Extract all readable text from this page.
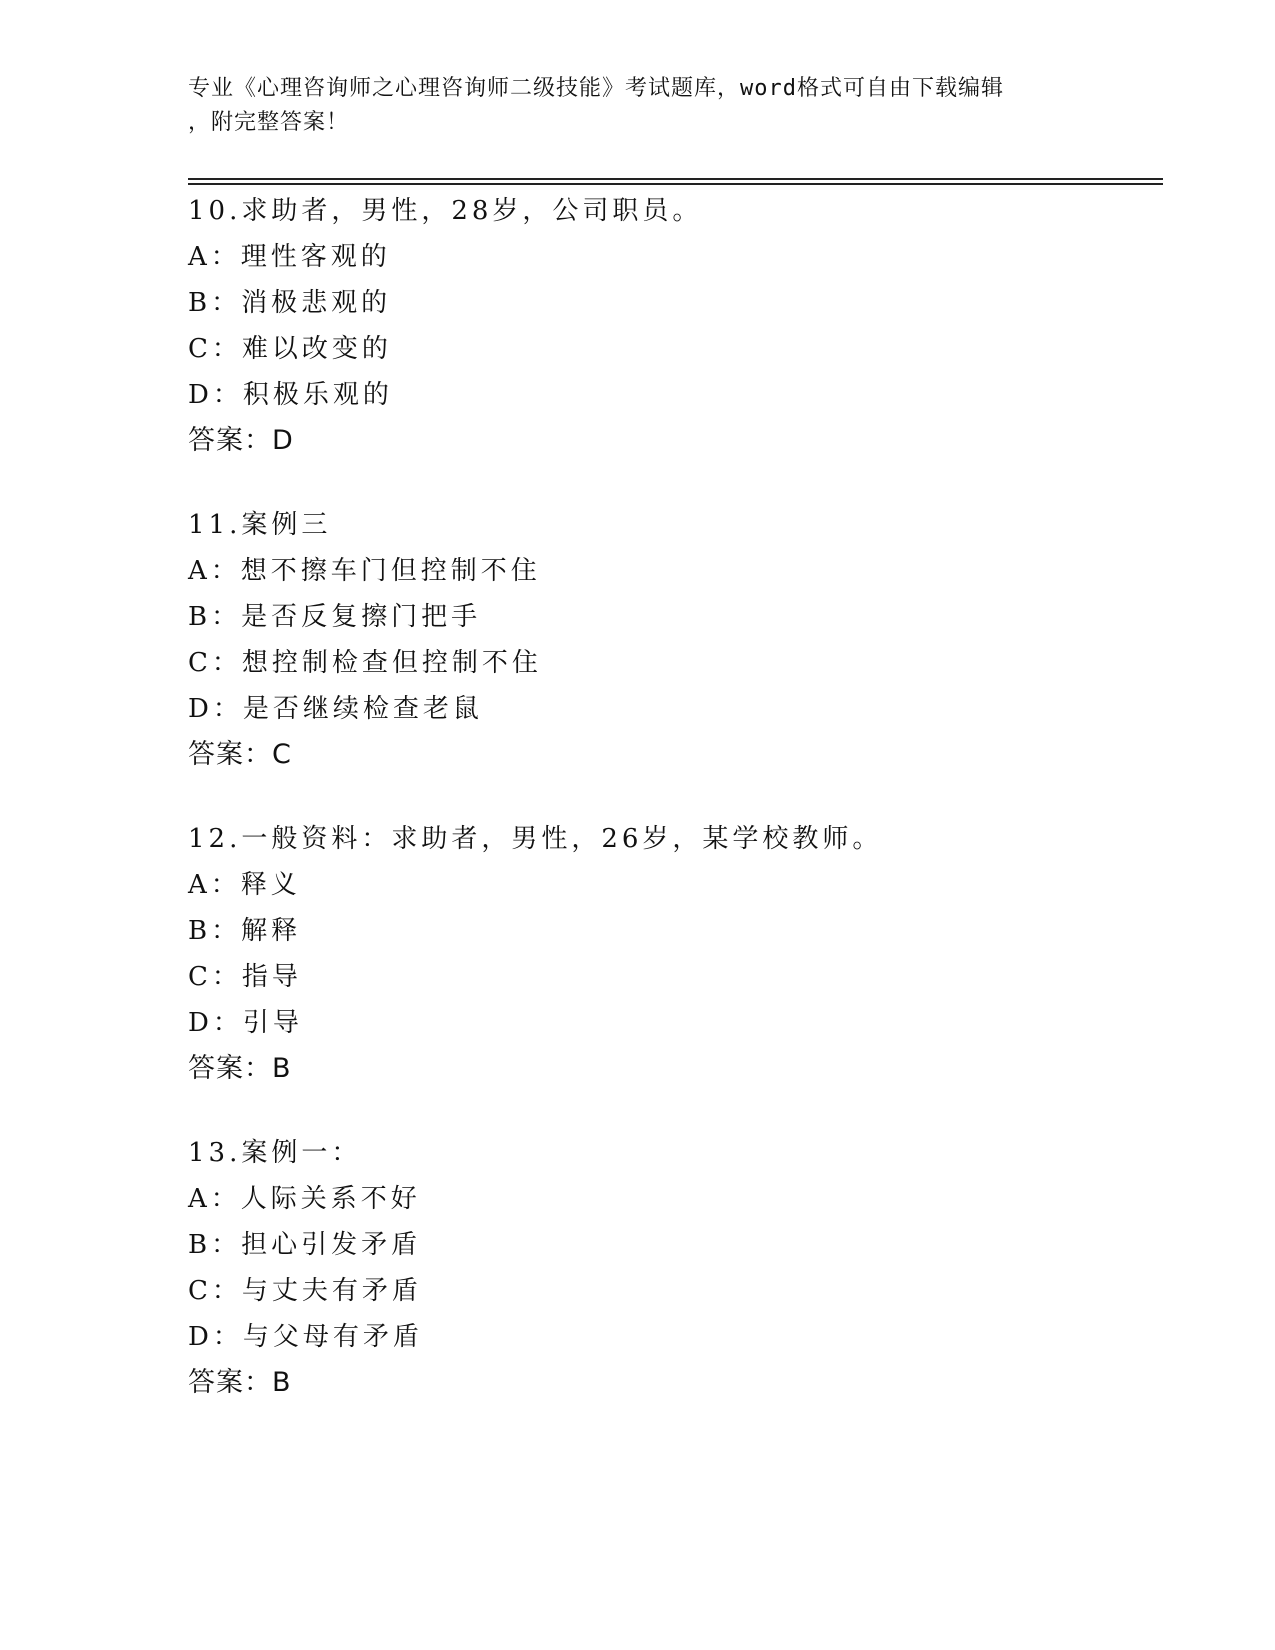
专业《心理咨询师之心理咨询师二级技能》考试题库，word格式可自由下载编辑
，附完整答案！
10.求助者，男性，28岁，公司职员。
A：理性客观的
B：消极悲观的
C：难以改变的
D：积极乐观的
答案：D
11.案例三
A：想不擦车门但控制不住
B：是否反复擦门把手
C：想控制检查但控制不住
D：是否继续检查老鼠
答案：C
12.一般资料：求助者，男性，26岁，某学校教师。
A：释义
B：解释
C：指导
D：引导
答案：B
13.案例一：
A：人际关系不好
B：担心引发矛盾
C：与丈夫有矛盾
D：与父母有矛盾
答案：B
